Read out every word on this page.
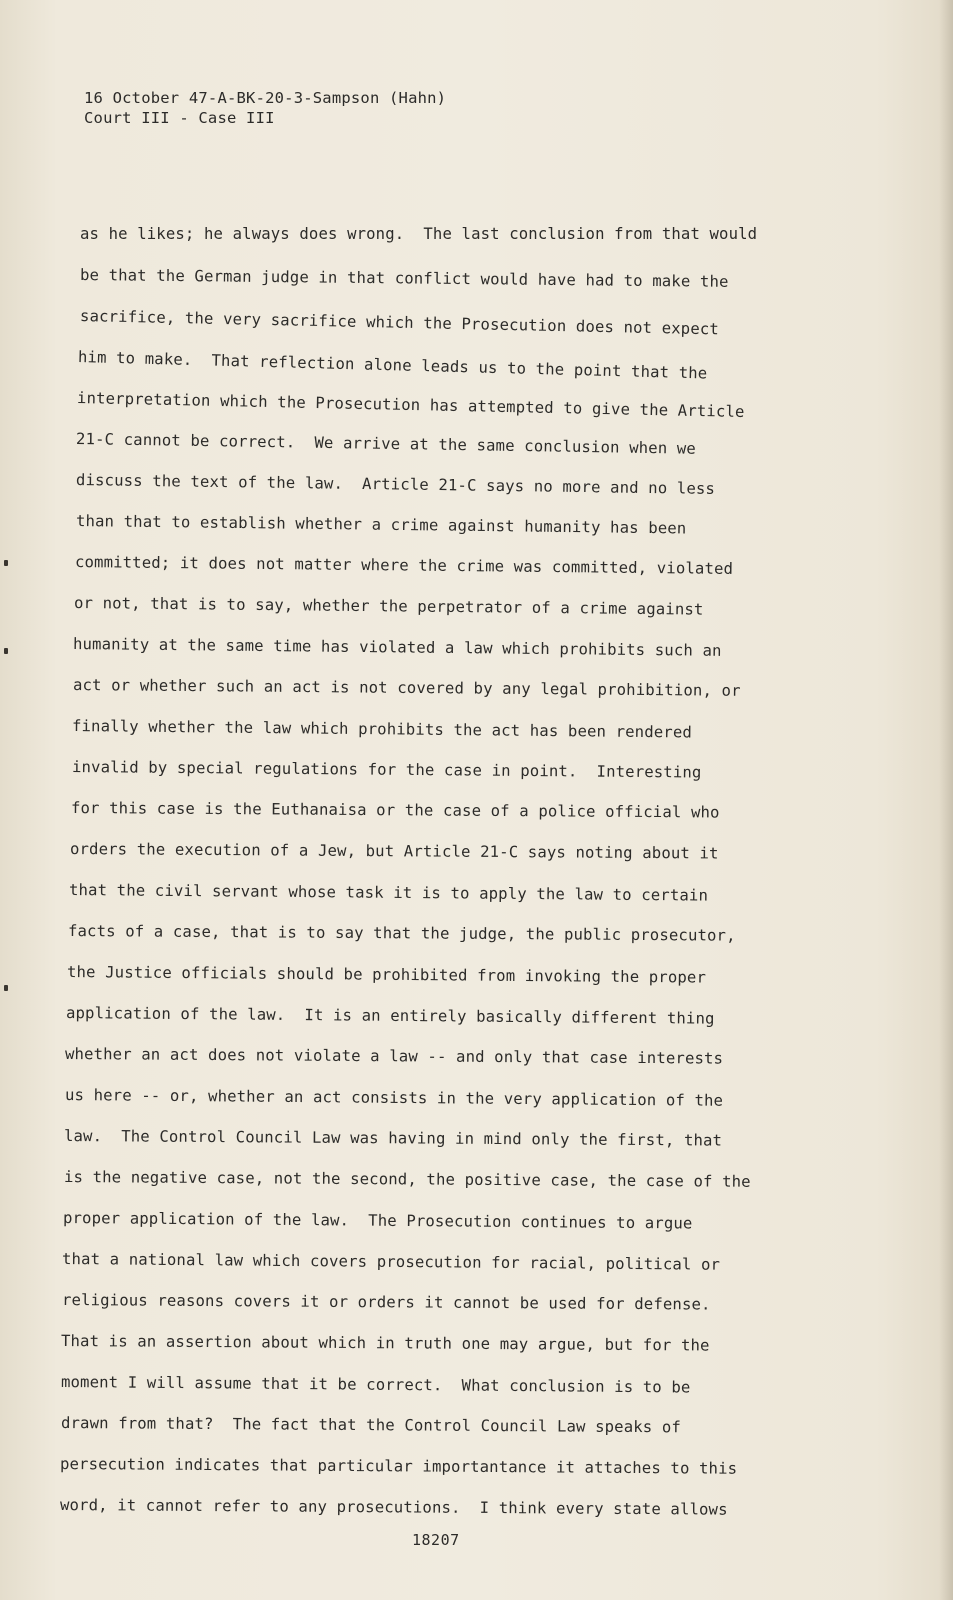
16 October 47-A-BK-20-3-Sampson (Hahn)
Court III - Case III
as he likes; he always does wrong.  The last conclusion from that would
be that the German judge in that conflict would have had to make the
sacrifice, the very sacrifice which the Prosecution does not expect
him to make.  That reflection alone leads us to the point that the
interpretation which the Prosecution has attempted to give the Article
21-C cannot be correct.  We arrive at the same conclusion when we
discuss the text of the law.  Article 21-C says no more and no less
than that to establish whether a crime against humanity has been
committed; it does not matter where the crime was committed, violated
or not, that is to say, whether the perpetrator of a crime against
humanity at the same time has violated a law which prohibits such an
act or whether such an act is not covered by any legal prohibition, or
finally whether the law which prohibits the act has been rendered
invalid by special regulations for the case in point.  Interesting
for this case is the Euthanaisa or the case of a police official who
orders the execution of a Jew, but Article 21-C says noting about it
that the civil servant whose task it is to apply the law to certain
facts of a case, that is to say that the judge, the public prosecutor,
the Justice officials should be prohibited from invoking the proper
application of the law.  It is an entirely basically different thing
whether an act does not violate a law -- and only that case interests
us here -- or, whether an act consists in the very application of the
law.  The Control Council Law was having in mind only the first, that
is the negative case, not the second, the positive case, the case of the
proper application of the law.  The Prosecution continues to argue
that a national law which covers prosecution for racial, political or
religious reasons covers it or orders it cannot be used for defense.
That is an assertion about which in truth one may argue, but for the
moment I will assume that it be correct.  What conclusion is to be
drawn from that?  The fact that the Control Council Law speaks of
persecution indicates that particular importantance it attaches to this
word, it cannot refer to any prosecutions.  I think every state allows
18207
